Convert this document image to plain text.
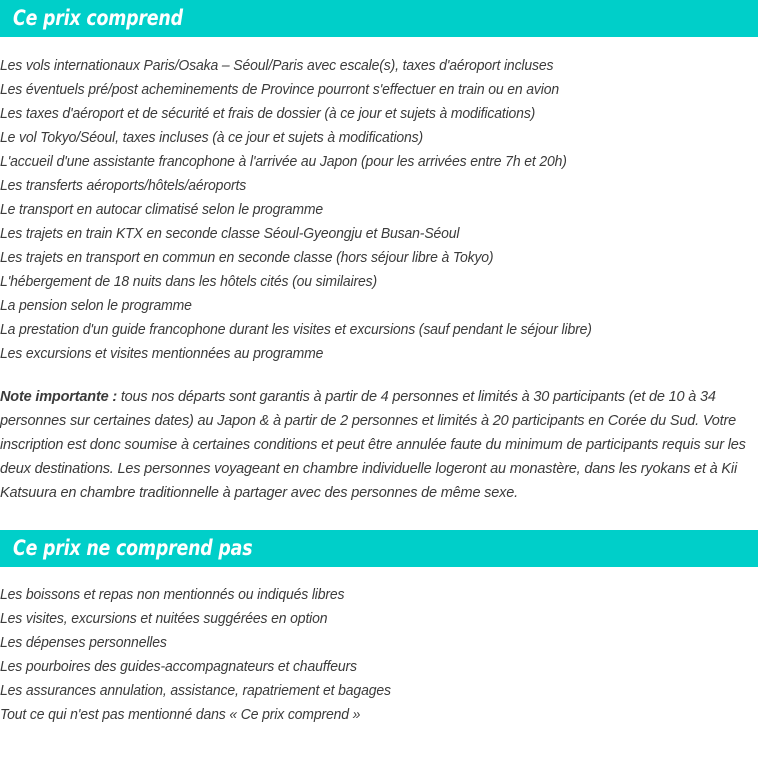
Ce prix comprend
Les vols internationaux Paris/Osaka – Séoul/Paris avec escale(s), taxes d'aéroport incluses
Les éventuels pré/post acheminements de Province pourront s'effectuer en train ou en avion
Les taxes d'aéroport et de sécurité et frais de dossier (à ce jour et sujets à modifications)
Le vol Tokyo/Séoul, taxes incluses (à ce jour et sujets à modifications)
L'accueil d'une assistante francophone à l'arrivée au Japon (pour les arrivées entre 7h et 20h)
Les transferts aéroports/hôtels/aéroports
Le transport en autocar climatisé selon le programme
Les trajets en train KTX en seconde classe Séoul-Gyeongju et Busan-Séoul
Les trajets en transport en commun en seconde classe (hors séjour libre à Tokyo)
L'hébergement de 18 nuits dans les hôtels cités (ou similaires)
La pension selon le programme
La prestation d'un guide francophone durant les visites et excursions (sauf pendant le séjour libre)
Les excursions et visites mentionnées au programme

Note importante : tous nos départs sont garantis à partir de 4 personnes et limités à 30 participants (et de 10 à 34 personnes sur certaines dates) au Japon & à partir de 2 personnes et limités à 20 participants en Corée du Sud. Votre inscription est donc soumise à certaines conditions et peut être annulée faute du minimum de participants requis sur les deux destinations. Les personnes voyageant en chambre individuelle logeront au monastère, dans les ryokans et à Kii Katsuura en chambre traditionnelle à partager avec des personnes de même sexe.

Ce prix ne comprend pas
Les boissons et repas non mentionnés ou indiqués libres
Les visites, excursions et nuitées suggérées en option
Les dépenses personnelles
Les pourboires des guides-accompagnateurs et chauffeurs
Les assurances annulation, assistance, rapatriement et bagages
Tout ce qui n'est pas mentionné dans « Ce prix comprend »
